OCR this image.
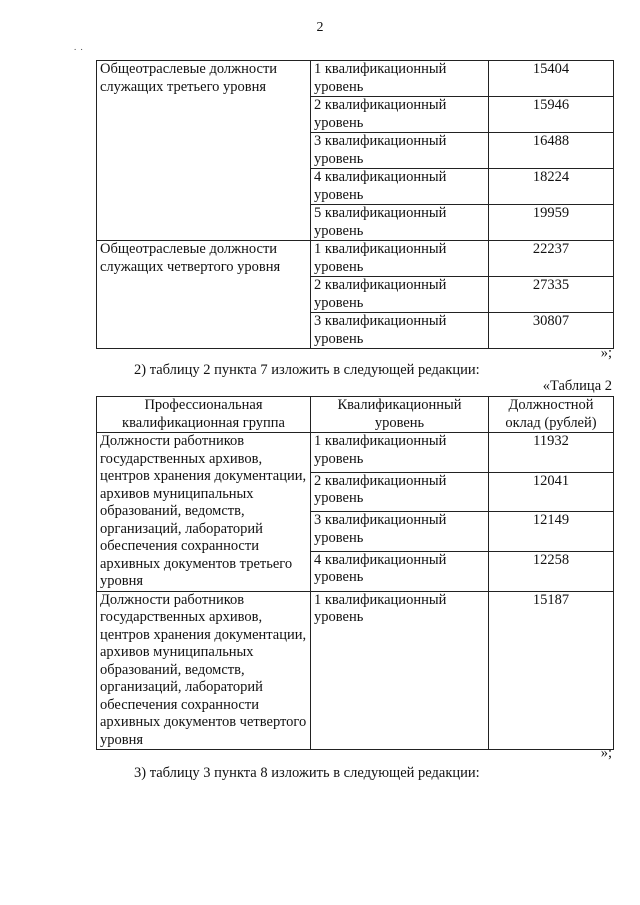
2
. .
Общеотраслевые должности служащих третьего уровня	1 квалификационный уровень	15404
	2 квалификационный уровень	15946
	3 квалификационный уровень	16488
	4 квалификационный уровень	18224
	5 квалификационный уровень	19959
Общеотраслевые должности служащих четвертого уровня	1 квалификационный уровень	22237
	2 квалификационный уровень	27335
	3 квалификационный уровень	30807
»;
2) таблицу 2 пункта 7 изложить в следующей редакции:
«Таблица 2
Профессиональная квалификационная группа	Квалификационный уровень	Должностной оклад (рублей)
Должности работников государственных архивов, центров хранения документации, архивов муниципальных образований, ведомств, организаций, лабораторий обеспечения сохранности архивных документов третьего уровня	1 квалификационный уровень	11932
	2 квалификационный уровень	12041
	3 квалификационный уровень	12149
	4 квалификационный уровень	12258
Должности работников государственных архивов, центров хранения документации, архивов муниципальных образований, ведомств, организаций, лабораторий обеспечения сохранности архивных документов четвертого уровня	1 квалификационный уровень	15187
»;
3) таблицу 3 пункта 8 изложить в следующей редакции:
